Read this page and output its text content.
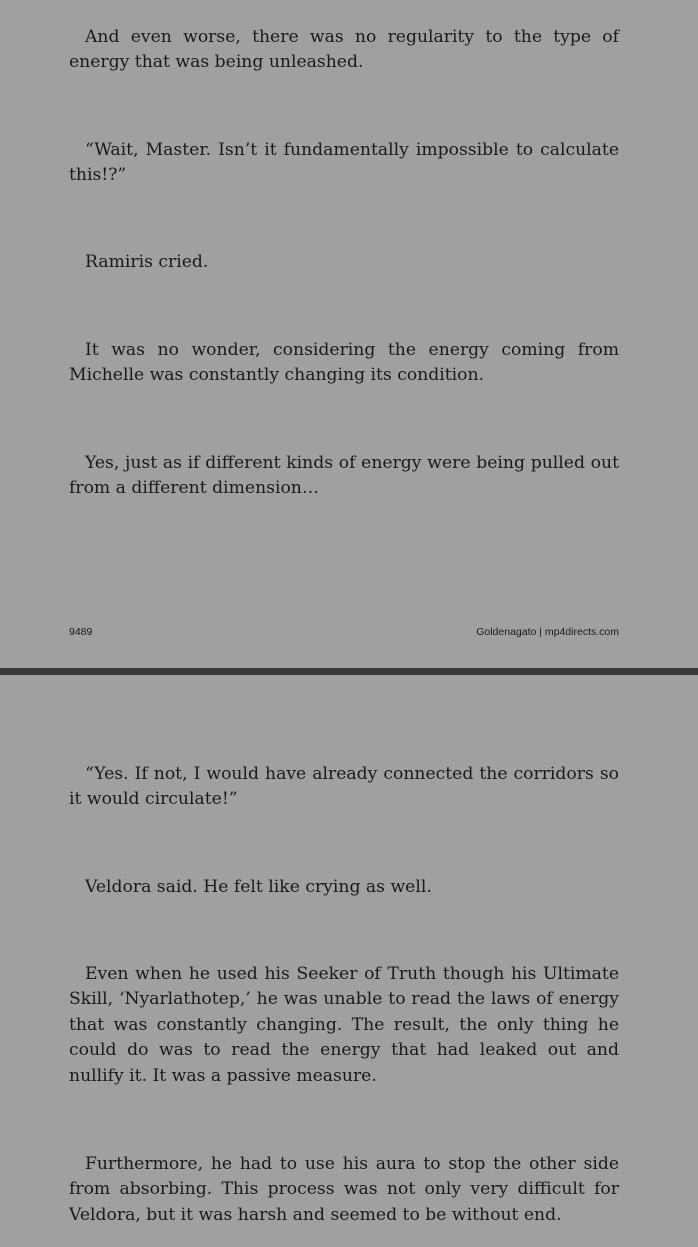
And even worse, there was no regularity to the type of energy that was being unleashed.

“Wait, Master. Isn’t it fundamentally impossible to calculate this!?”

Ramiris cried.

It was no wonder, considering the energy coming from Michelle was constantly changing its condition.

Yes, just as if different kinds of energy were being pulled out from a different dimension…

9489	Goldenagato | mp4directs.com

“Yes. If not, I would have already connected the corridors so it would circulate!”

Veldora said. He felt like crying as well.

Even when he used his Seeker of Truth though his Ultimate Skill, ‘Nyarlathotep,’ he was unable to read the laws of energy that was constantly changing. The result, the only thing he could do was to read the energy that had leaked out and nullify it. It was a passive measure.

Furthermore, he had to use his aura to stop the other side from absorbing. This process was not only very difficult for Veldora, but it was harsh and seemed to be without end.
